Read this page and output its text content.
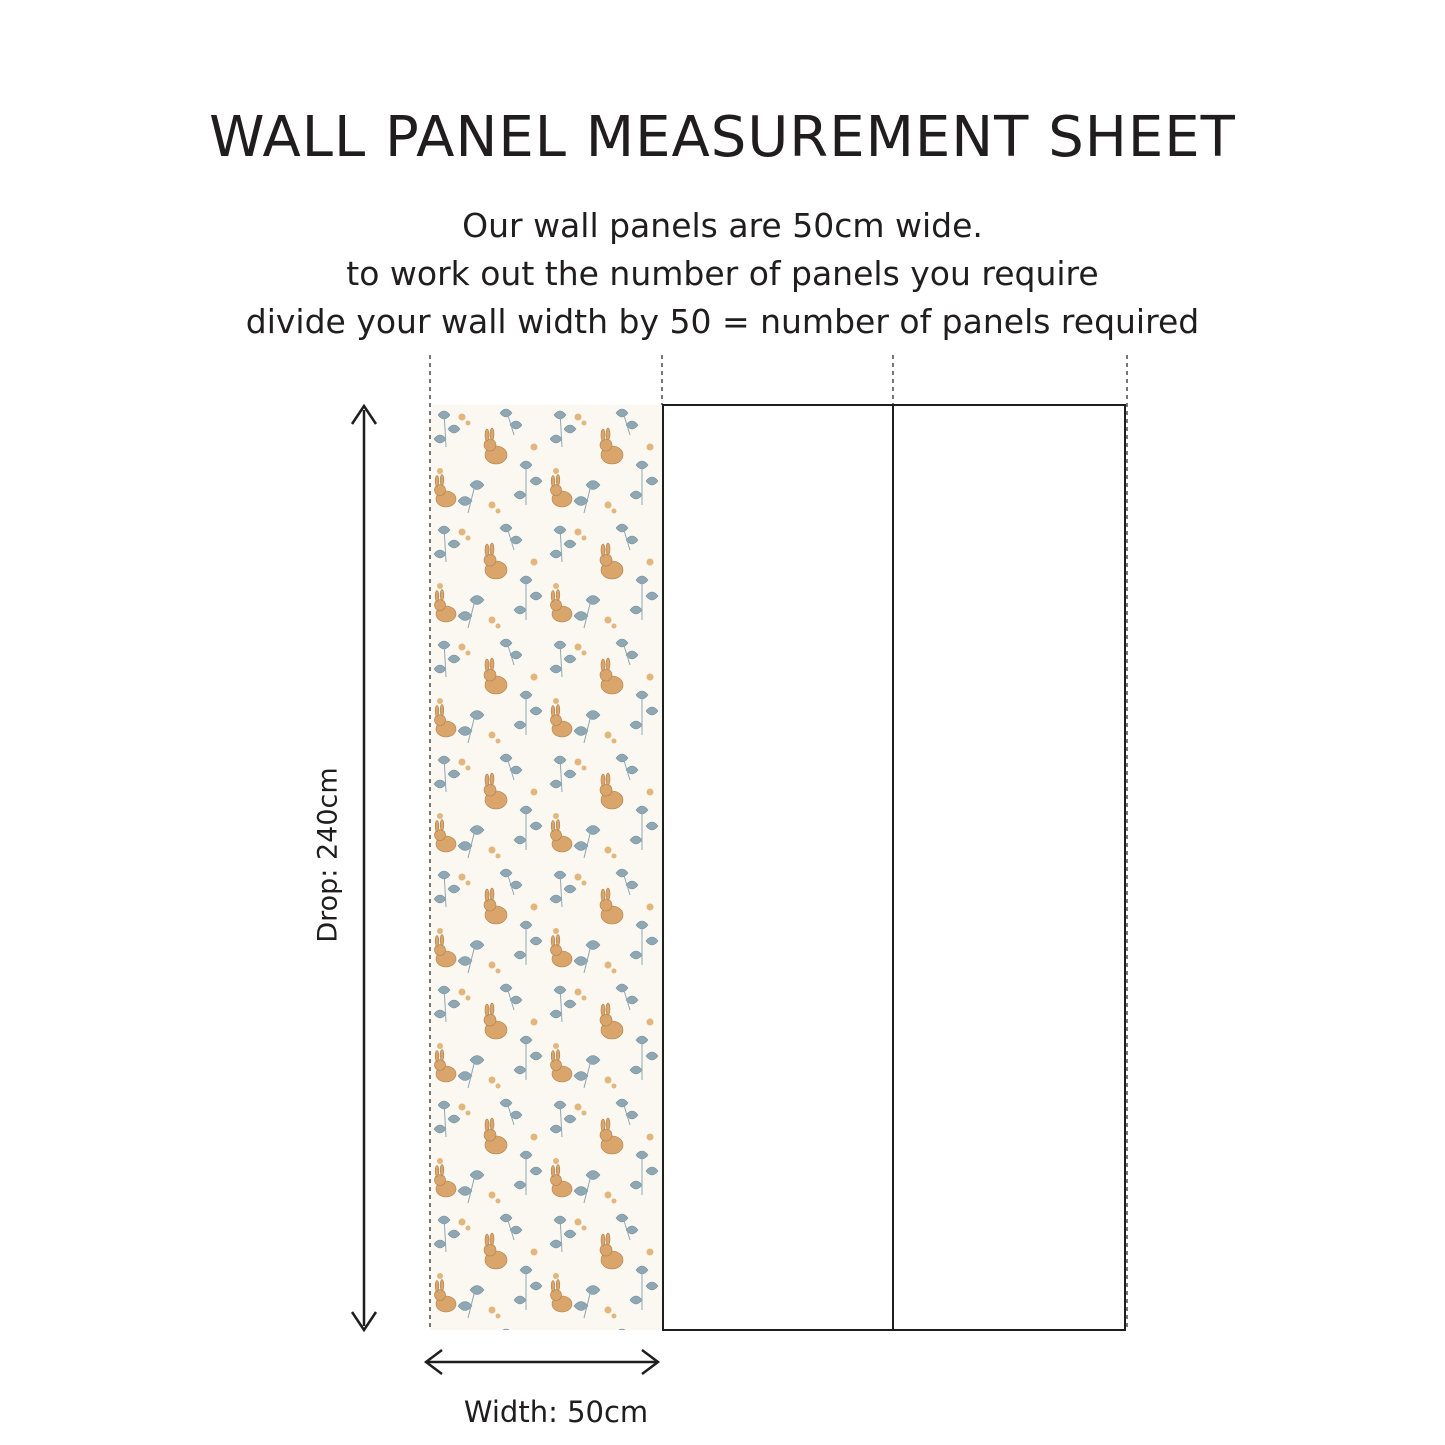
WALL PANEL MEASUREMENT SHEET
Our wall panels are 50cm wide.
to work out the number of panels you require
divide your wall width by 50 = number of panels required
Drop: 240cm
Width: 50cm
